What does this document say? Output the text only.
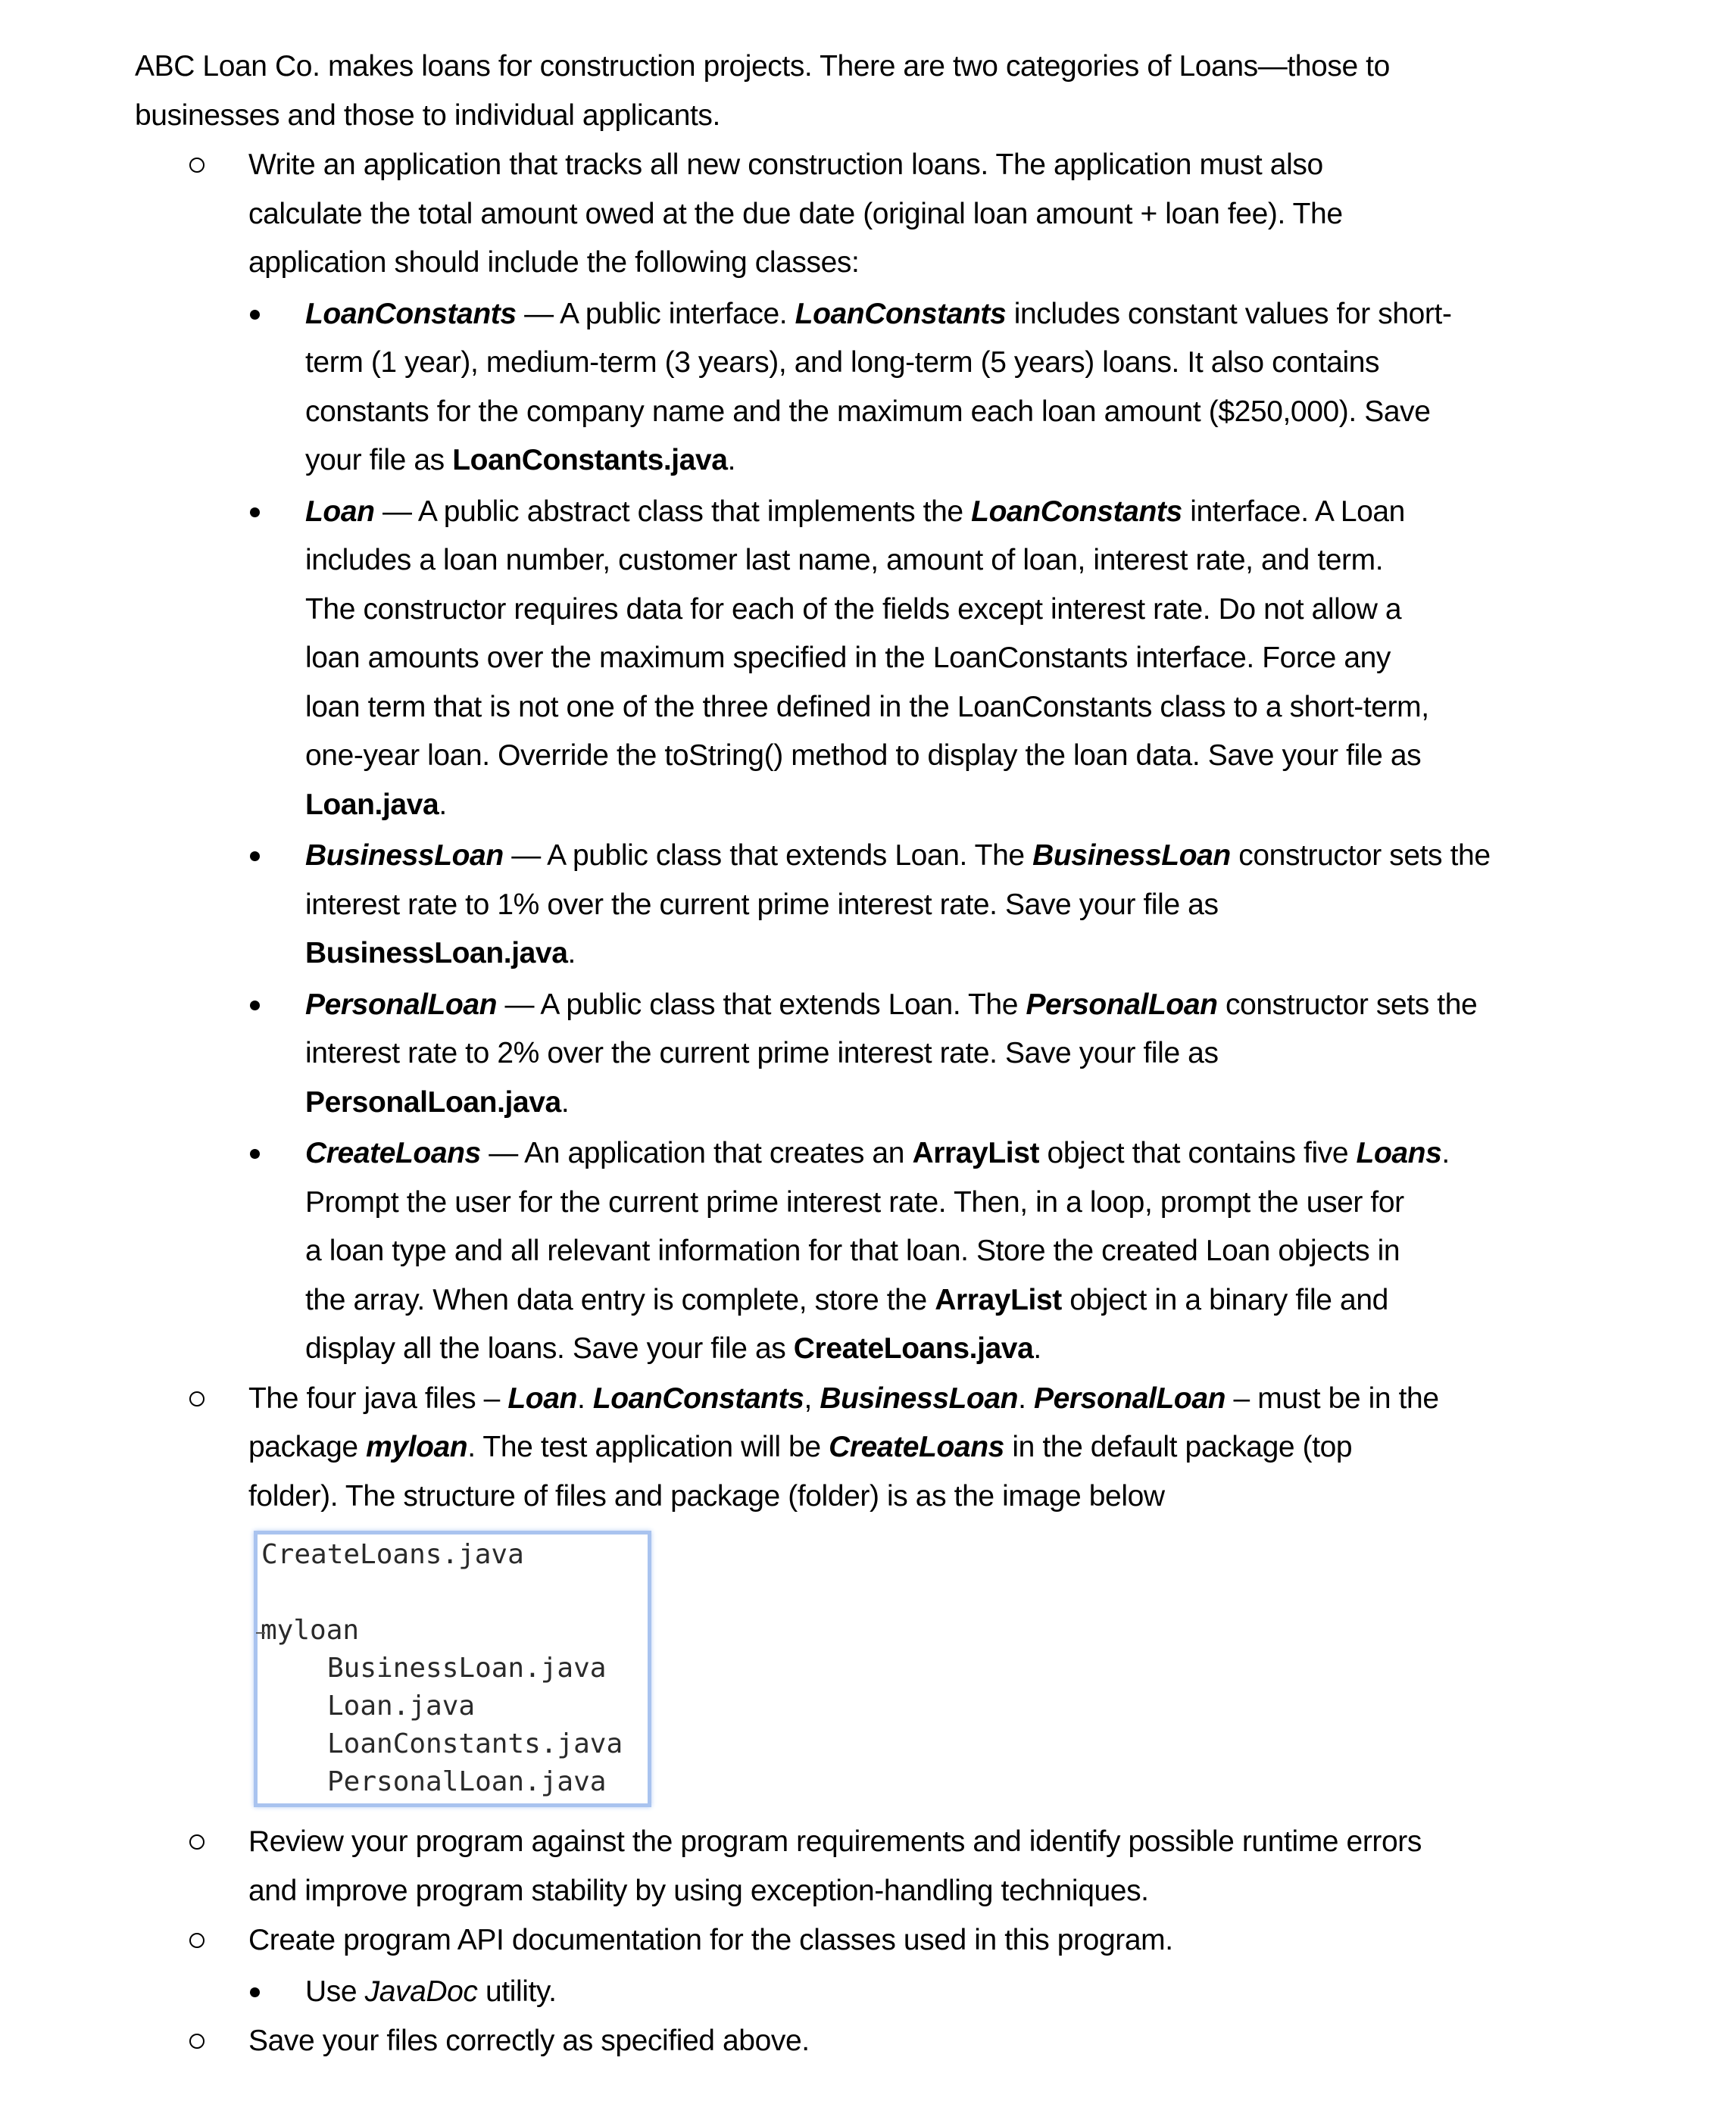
ABC Loan Co. makes loans for construction projects. There are two categories of Loans—those to
businesses and those to individual applicants.
Write an application that tracks all new construction loans. The application must also
calculate the total amount owed at the due date (original loan amount + loan fee). The
application should include the following classes:
LoanConstants — A public interface. LoanConstants includes constant values for short-
term (1 year), medium-term (3 years), and long-term (5 years) loans. It also contains
constants for the company name and the maximum each loan amount ($250,000). Save
your file as LoanConstants.java.
Loan — A public abstract class that implements the LoanConstants interface. A Loan
includes a loan number, customer last name, amount of loan, interest rate, and term.
The constructor requires data for each of the fields except interest rate. Do not allow a
loan amounts over the maximum specified in the LoanConstants interface. Force any
loan term that is not one of the three defined in the LoanConstants class to a short-term,
one-year loan. Override the toString() method to display the loan data. Save your file as
Loan.java.
BusinessLoan — A public class that extends Loan. The BusinessLoan constructor sets the
interest rate to 1% over the current prime interest rate. Save your file as
BusinessLoan.java.
PersonalLoan — A public class that extends Loan. The PersonalLoan constructor sets the
interest rate to 2% over the current prime interest rate. Save your file as
PersonalLoan.java.
CreateLoans — An application that creates an ArrayList object that contains five Loans.
Prompt the user for the current prime interest rate. Then, in a loop, prompt the user for
a loan type and all relevant information for that loan. Store the created Loan objects in
the array. When data entry is complete, store the ArrayList object in a binary file and
display all the loans. Save your file as CreateLoans.java.
The four java files – Loan. LoanConstants, BusinessLoan. PersonalLoan – must be in the
package myloan. The test application will be CreateLoans in the default package (top
folder). The structure of files and package (folder) is as the image below
CreateLoans.java
myloan
BusinessLoan.java
Loan.java
LoanConstants.java
PersonalLoan.java
Review your program against the program requirements and identify possible runtime errors
and improve program stability by using exception-handling techniques.
Create program API documentation for the classes used in this program.
Use JavaDoc utility.
Save your files correctly as specified above.
